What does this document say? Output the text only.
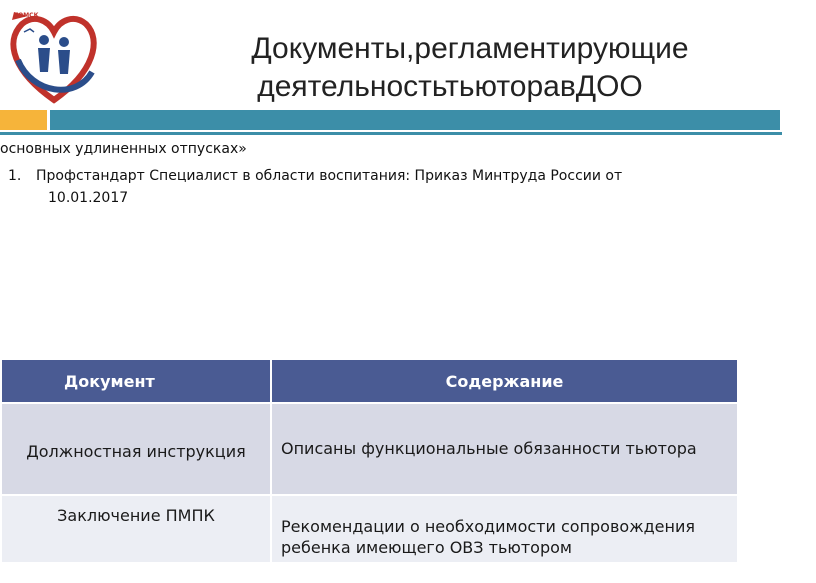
ТОМСК
Документы,регламентирующие
деятельностьтьюторавДОО
основных удлиненных отпусках»
1. Профстандарт Специалист в области воспитания: Приказ Минтруда России от
10.01.2017
Документ	Содержание

Должностная инструкция	Описаны функциональные обязанности тьютора

Заключение ПМПК	Рекомендации о необходимости сопровождения ребенка имеющего ОВЗ тьютором
